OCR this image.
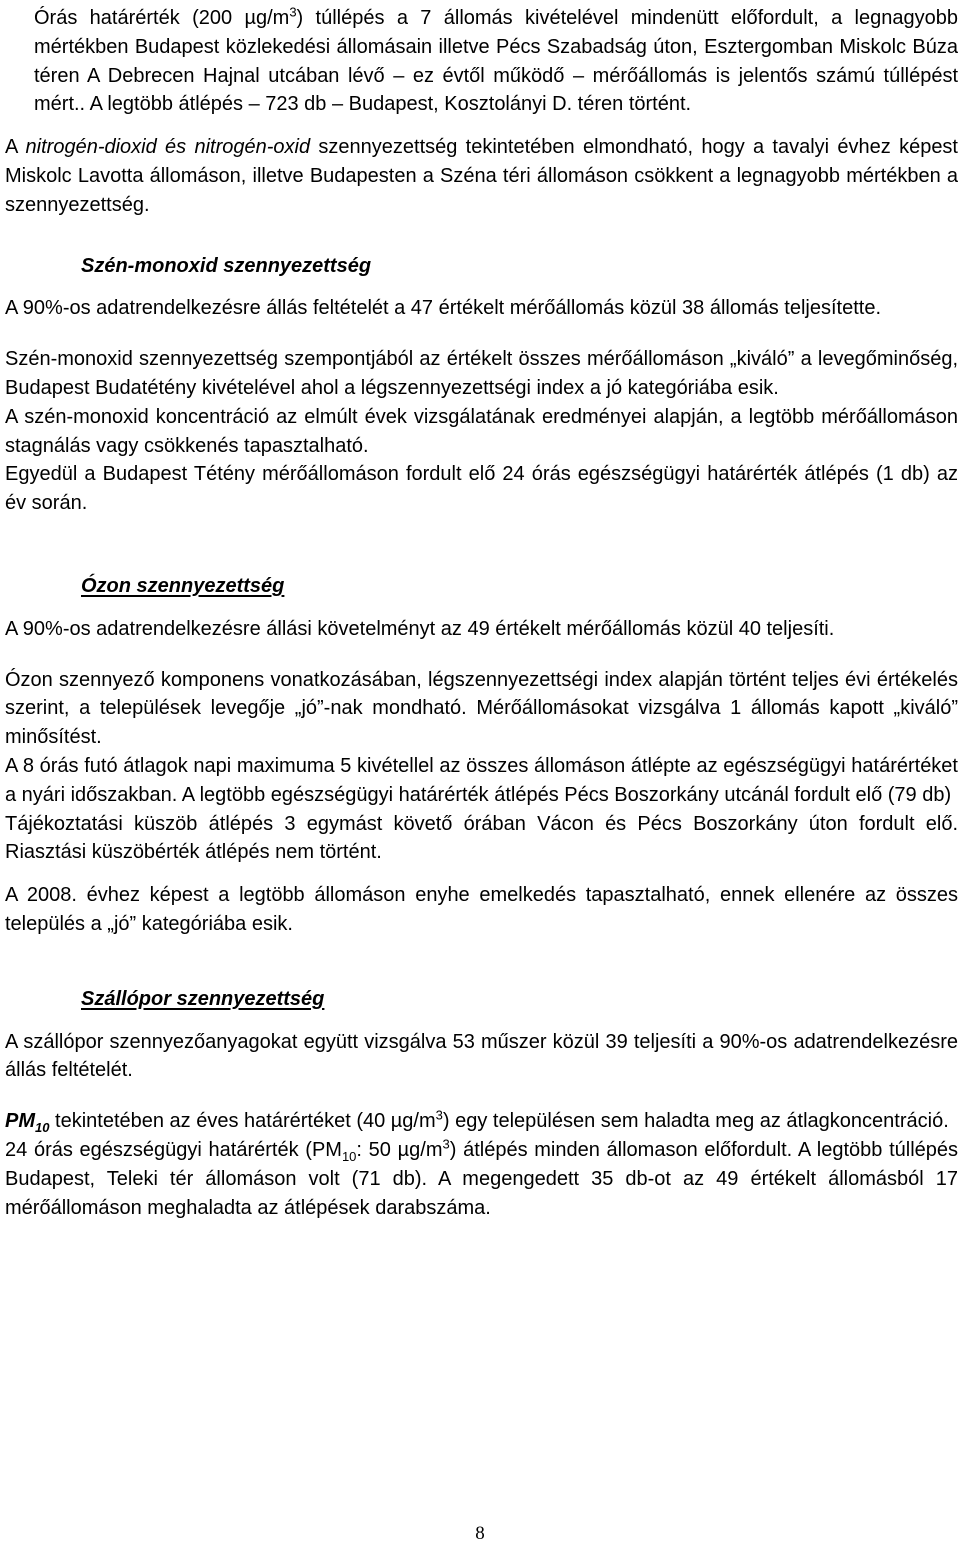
Órás határérték (200 $\mu g/m^3$) túllépés a 7 állomás kivételével mindenütt előfordult, a legnagyobb mértékben Budapest közlekedési állomásain illetve Pécs Szabadság úton, Esztergomban Miskolc Búza téren A Debrecen Hajnal utcában lévő – ez évtől működő – mérőállomás is jelentős számú túllépést mért.. A legtöbb átlépés – 723 db – Budapest, Kosztolányi D. téren történt.

A nitrogén-dioxid és nitrogén-oxid szennyezettség tekintetében elmondható, hogy a tavalyi évhez képest Miskolc Lavotta állomáson, illetve Budapesten a Széna téri állomáson csökkent a legnagyobb mértékben a szennyezettség.

Szén-monoxid szennyezettség

A 90%-os adatrendelkezésre állás feltételét a 47 értékelt mérőállomás közül 38 állomás teljesítette.

Szén-monoxid szennyezettség szempontjából az értékelt összes mérőállomáson „kiváló” a levegőminőség, Budapest Budatétény kivételével ahol a légszennyezettségi index a jó kategóriába esik.

A szén-monoxid koncentráció az elmúlt évek vizsgálatának eredményei alapján, a legtöbb mérőállomáson stagnálás vagy csökkenés tapasztalható.

Egyedül a Budapest Tétény mérőállomáson fordult elő 24 órás egészségügyi határérték átlépés (1 db) az év során.

Ózon szennyezettség

A 90%-os adatrendelkezésre állási követelményt az 49 értékelt mérőállomás közül 40 teljesíti.

Ózon szennyező komponens vonatkozásában, légszennyezettségi index alapján történt teljes évi értékelés szerint, a települések levegője „jó”-nak mondható. Mérőállomásokat vizsgálva 1 állomás kapott „kiváló” minősítést.

A 8 órás futó átlagok napi maximuma 5 kivétellel az összes állomáson átlépte az egészségügyi határértéket a nyári időszakban. A legtöbb egészségügyi határérték átlépés Pécs Boszorkány utcánál fordult elő (79 db)

Tájékoztatási küszöb átlépés 3 egymást követő órában Vácon és Pécs Boszorkány úton fordult elő. Riasztási küszöbérték átlépés nem történt.

A 2008. évhez képest a legtöbb állomáson enyhe emelkedés tapasztalható, ennek ellenére az összes település a „jó” kategóriába esik.

Szállópor szennyezettség

A szállópor szennyezőanyagokat együtt vizsgálva 53 műszer közül 39 teljesíti a 90%-os adatrendelkezésre állás feltételét.

$PM_{10}$ tekintetében az éves határértéket (40 $\mu g/m^3$) egy településen sem haladta meg az átlagkoncentráció.

24 órás egészségügyi határérték ($PM_{10}$: 50 $\mu g/m^3$) átlépés minden állomason előfordult. A legtöbb túllépés Budapest, Teleki tér állomáson volt (71 db). A megengedett 35 db-ot az 49 értékelt állomásból 17 mérőállomáson meghaladta az átlépések darabszáma.

8
